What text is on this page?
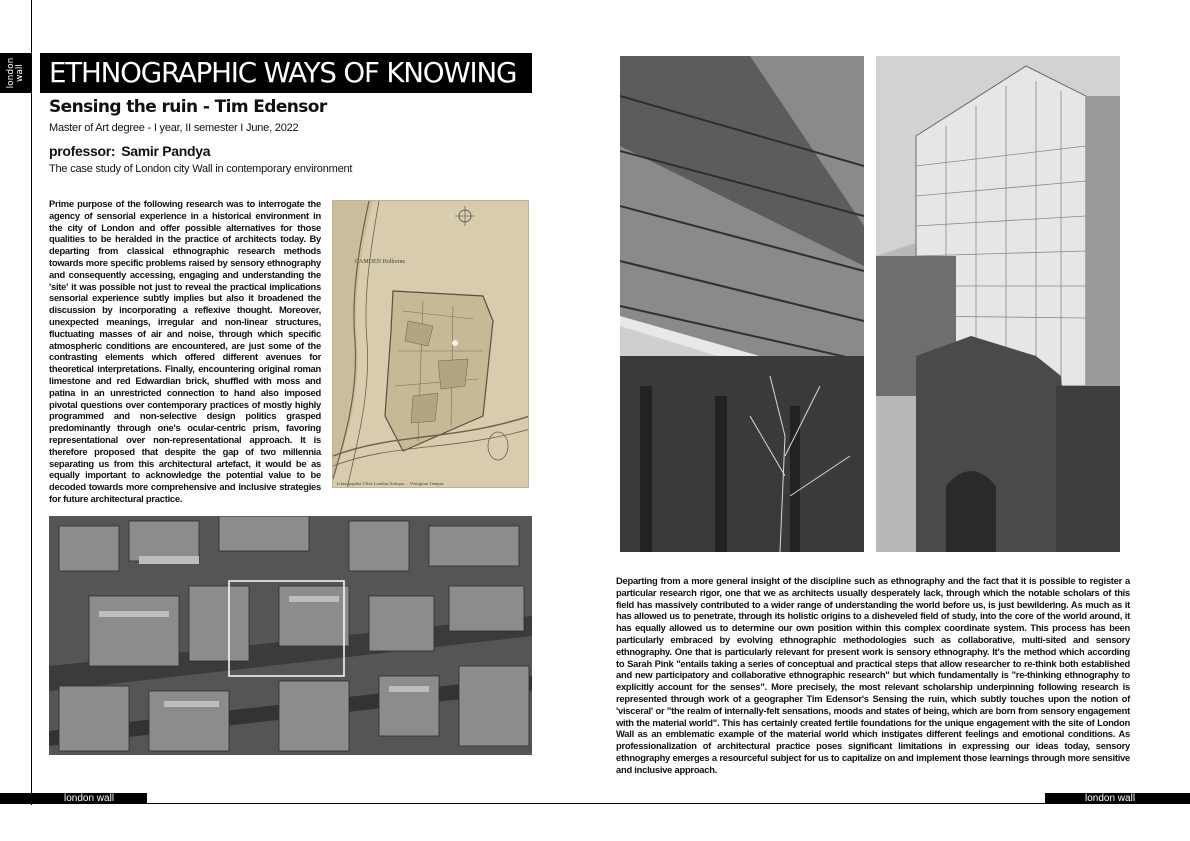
london
wall ETHNOGRAPHIC WAYS OF KNOWING
Sensing the ruin - Tim Edensor
Master of Art degree - I year, II semester I June, 2022
professor: Samir Pandya
The case study of London city Wall in contemporary environment

Prime purpose of the following research was to interrogate the agency of sensorial experience in a historical environment in the city of London and offer possible alternatives for those qualities to be heralded in the practice of architects today. By departing from classical ethnographic research methods towards more specific problems raised by sensory ethnography and consequently accessing, engaging and understanding the 'site' it was possible not just to reveal the practical implications sensorial experience subtly implies but also it broadened the discussion by incorporating a reflexive thought. Moreover, unexpected meanings, irregular and non-linear structures, fluctuating masses of air and noise, through which specific atmospheric conditions are encountered, are just some of the contrasting elements which offered different avenues for theoretical interpretations. Finally, encountering original roman limestone and red Edwardian brick, shuffled with moss and patina in an unrestricted connection to hand also imposed pivotal questions over contemporary practices of mostly highly programmed and non-selective design politics grasped predominantly through one's ocular-centric prism, favoring representational over non-representational approach. It is therefore proposed that despite the gap of two millennia separating us from this architectural artefact, it would be as equally important to acknowledge the potential value to be decoded towards more comprehensive and inclusive strategies for future architectural practice.

Departing from a more general insight of the discipline such as ethnography and the fact that it is possible to register a particular research rigor, one that we as architects usually desperately lack, through which the notable scholars of this field has massively contributed to a wider range of understanding the world before us, is just bewildering. As much as it has allowed us to penetrate, through its holistic origins to a disheveled field of study, into the core of the world around, it has equally allowed us to determine our own position within this complex coordinate system. This process has been particularly embraced by evolving ethnographic methodologies such as collaborative, multi-sited and sensory ethnography. One that is particularly relevant for present work is sensory ethnography. It's the method which according to Sarah Pink "entails taking a series of conceptual and practical steps that allow researcher to re-think both established and new participatory and collaborative ethnographic research" but which fundamentally is "re-thinking ethnography to explicitly account for the senses". More precisely, the most relevant scholarship underpinning following research is represented through work of a geographer Tim Edensor's Sensing the ruin, which subtly touches upon the notion of 'visceral' or "the realm of internally-felt sensations, moods and states of being, which are born from sensory engagement with the material world". This has certainly created fertile foundations for the unique engagement with the site of London Wall as an emblematic example of the material world which instigates different feelings and emotional conditions. As professionalization of architectural practice poses significant limitations in expressing our ideas today, sensory ethnography emerges a resourceful subject for us to capitalize on and implement those learnings through more sensitive and inclusive approach.

CAMDEN Holborne
Ichnographia Urbis Londini Antiqua ... Vestigium Tempus
london wall	london wall
